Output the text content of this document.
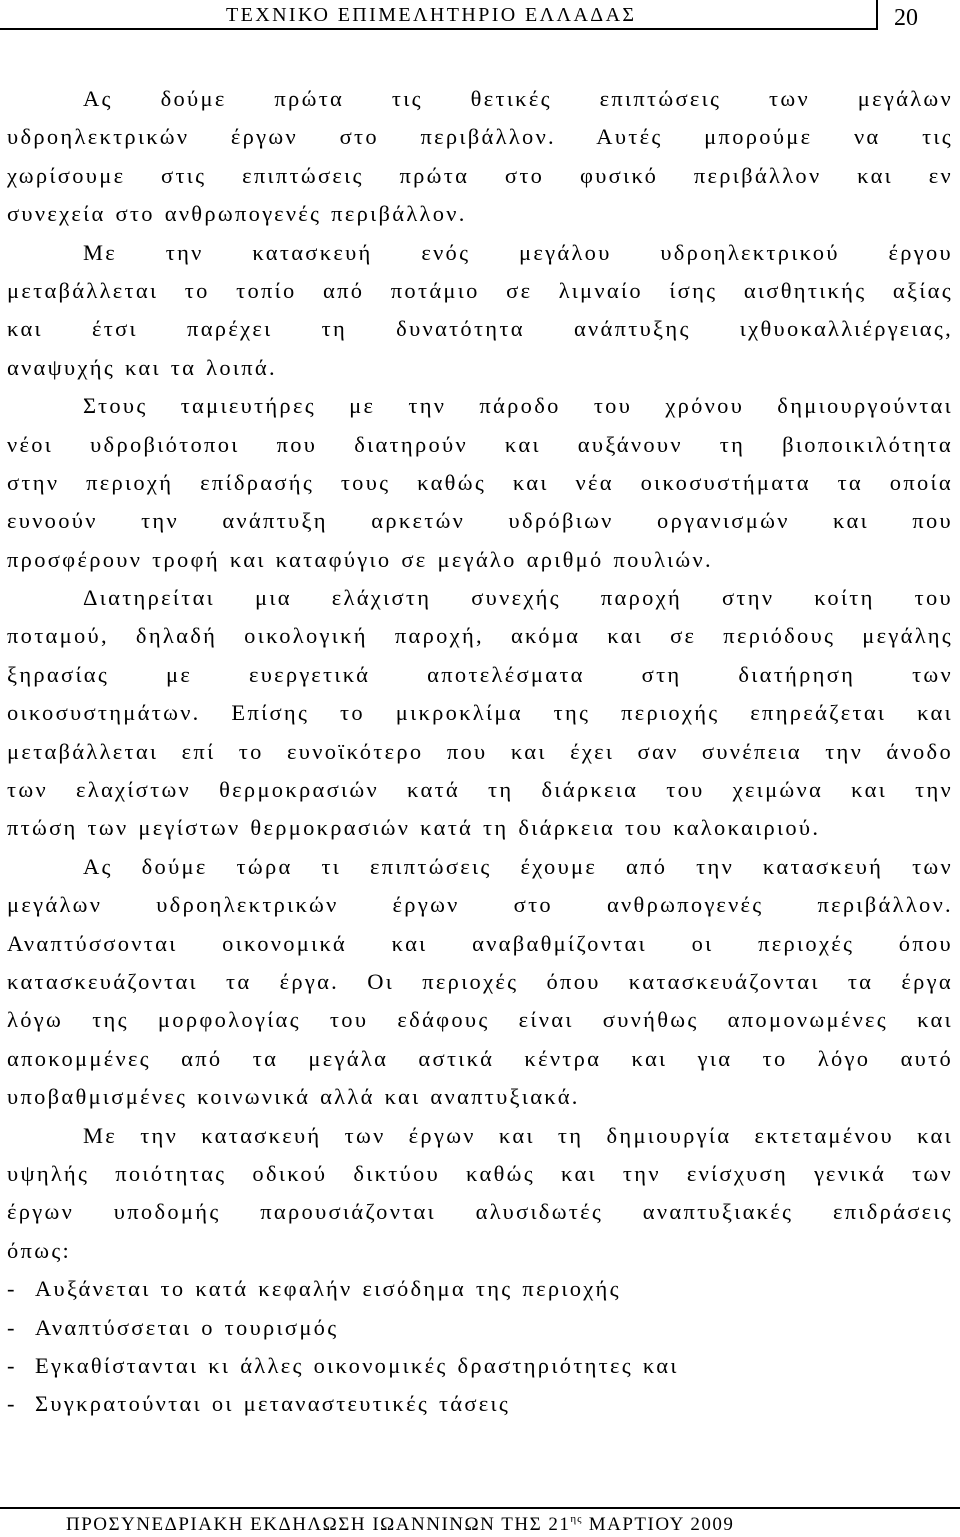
ΤΕΧΝΙΚΟ ΕΠΙΜΕΛΗΤΗΡΙΟ ΕΛΛΑΔΑΣ	20
Ας δούμε πρώτα τις θετικές επιπτώσεις των μεγάλων
υδροηλεκτρικών έργων στο περιβάλλον. Αυτές μπορούμε να τις
χωρίσουμε στις επιπτώσεις πρώτα στο φυσικό περιβάλλον και εν
συνεχεία στο ανθρωπογενές περιβάλλον.
Με την κατασκευή ενός μεγάλου υδροηλεκτρικού έργου
μεταβάλλεται το τοπίο από ποτάμιο σε λιμναίο ίσης αισθητικής αξίας
και έτσι παρέχει τη δυνατότητα ανάπτυξης ιχθυοκαλλιέργειας,
αναψυχής και τα λοιπά.
Στους ταμιευτήρες με την πάροδο του χρόνου δημιουργούνται
νέοι υδροβιότοποι που διατηρούν και αυξάνουν τη βιοποικιλότητα
στην περιοχή επίδρασής τους καθώς και νέα οικοσυστήματα τα οποία
ευνοούν την ανάπτυξη αρκετών υδρόβιων οργανισμών και που
προσφέρουν τροφή και καταφύγιο σε μεγάλο αριθμό πουλιών.
Διατηρείται μια ελάχιστη συνεχής παροχή στην κοίτη του
ποταμού, δηλαδή οικολογική παροχή, ακόμα και σε περιόδους μεγάλης
ξηρασίας με ευεργετικά αποτελέσματα στη διατήρηση των
οικοσυστημάτων. Επίσης το μικροκλίμα της περιοχής επηρεάζεται και
μεταβάλλεται επί το ευνοϊκότερο που και έχει σαν συνέπεια την άνοδο
των ελαχίστων θερμοκρασιών κατά τη διάρκεια του χειμώνα και την
πτώση των μεγίστων θερμοκρασιών κατά τη διάρκεια του καλοκαιριού.
Ας δούμε τώρα τι επιπτώσεις έχουμε από την κατασκευή των
μεγάλων υδροηλεκτρικών έργων στο ανθρωπογενές περιβάλλον.
Αναπτύσσονται οικονομικά και αναβαθμίζονται οι περιοχές όπου
κατασκευάζονται τα έργα. Οι περιοχές όπου κατασκευάζονται τα έργα
λόγω της μορφολογίας του εδάφους είναι συνήθως απομονωμένες και
αποκομμένες από τα μεγάλα αστικά κέντρα και για το λόγο αυτό
υποβαθμισμένες κοινωνικά αλλά και αναπτυξιακά.
Με την κατασκευή των έργων και τη δημιουργία εκτεταμένου και
υψηλής ποιότητας οδικού δικτύου καθώς και την ενίσχυση γενικά των
έργων υποδομής παρουσιάζονται αλυσιδωτές αναπτυξιακές επιδράσεις
όπως:
- Αυξάνεται το κατά κεφαλήν εισόδημα της περιοχής
- Αναπτύσσεται ο τουρισμός
- Εγκαθίστανται κι άλλες οικονομικές δραστηριότητες και
- Συγκρατούνται οι μεταναστευτικές τάσεις
ΠΡΟΣΥΝΕΔΡΙΑΚΗ ΕΚΔΗΛΩΣΗ ΙΩΑΝΝΙΝΩΝ ΤΗΣ $21^{\eta\varsigma}$ ΜΑΡΤΙΟΥ 2009
